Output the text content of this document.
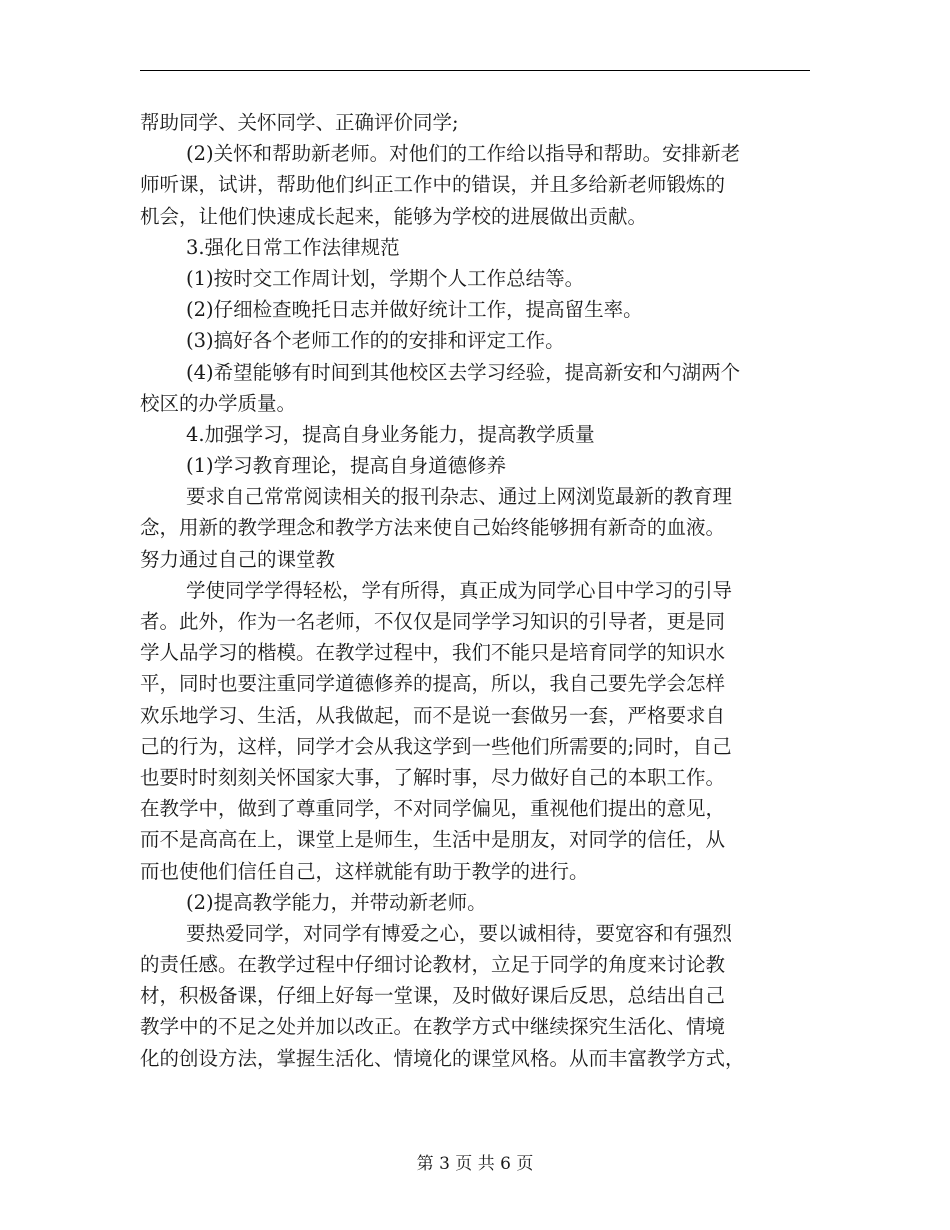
帮助同学、关怀同学、正确评价同学;
(2)关怀和帮助新老师。对他们的工作给以指导和帮助。安排新老
师听课，试讲，帮助他们纠正工作中的错误，并且多给新老师锻炼的
机会，让他们快速成长起来，能够为学校的进展做出贡献。
3.强化日常工作法律规范
(1)按时交工作周计划，学期个人工作总结等。
(2)仔细检查晚托日志并做好统计工作，提高留生率。
(3)搞好各个老师工作的的安排和评定工作。
(4)希望能够有时间到其他校区去学习经验，提高新安和勺湖两个
校区的办学质量。
4.加强学习，提高自身业务能力，提高教学质量
(1)学习教育理论，提高自身道德修养
要求自己常常阅读相关的报刊杂志、通过上网浏览最新的教育理
念，用新的教学理念和教学方法来使自己始终能够拥有新奇的血液。
努力通过自己的课堂教
学使同学学得轻松，学有所得，真正成为同学心目中学习的引导
者。此外，作为一名老师，不仅仅是同学学习知识的引导者，更是同
学人品学习的楷模。在教学过程中，我们不能只是培育同学的知识水
平，同时也要注重同学道德修养的提高，所以，我自己要先学会怎样
欢乐地学习、生活，从我做起，而不是说一套做另一套，严格要求自
己的行为，这样，同学才会从我这学到一些他们所需要的;同时，自己
也要时时刻刻关怀国家大事，了解时事，尽力做好自己的本职工作。
在教学中，做到了尊重同学，不对同学偏见，重视他们提出的意见，
而不是高高在上，课堂上是师生，生活中是朋友，对同学的信任，从
而也使他们信任自己，这样就能有助于教学的进行。
(2)提高教学能力，并带动新老师。
要热爱同学，对同学有博爱之心，要以诚相待，要宽容和有强烈
的责任感。在教学过程中仔细讨论教材，立足于同学的角度来讨论教
材，积极备课，仔细上好每一堂课，及时做好课后反思，总结出自己
教学中的不足之处并加以改正。在教学方式中继续探究生活化、情境
化的创设方法，掌握生活化、情境化的课堂风格。从而丰富教学方式，
第 3 页 共 6 页
